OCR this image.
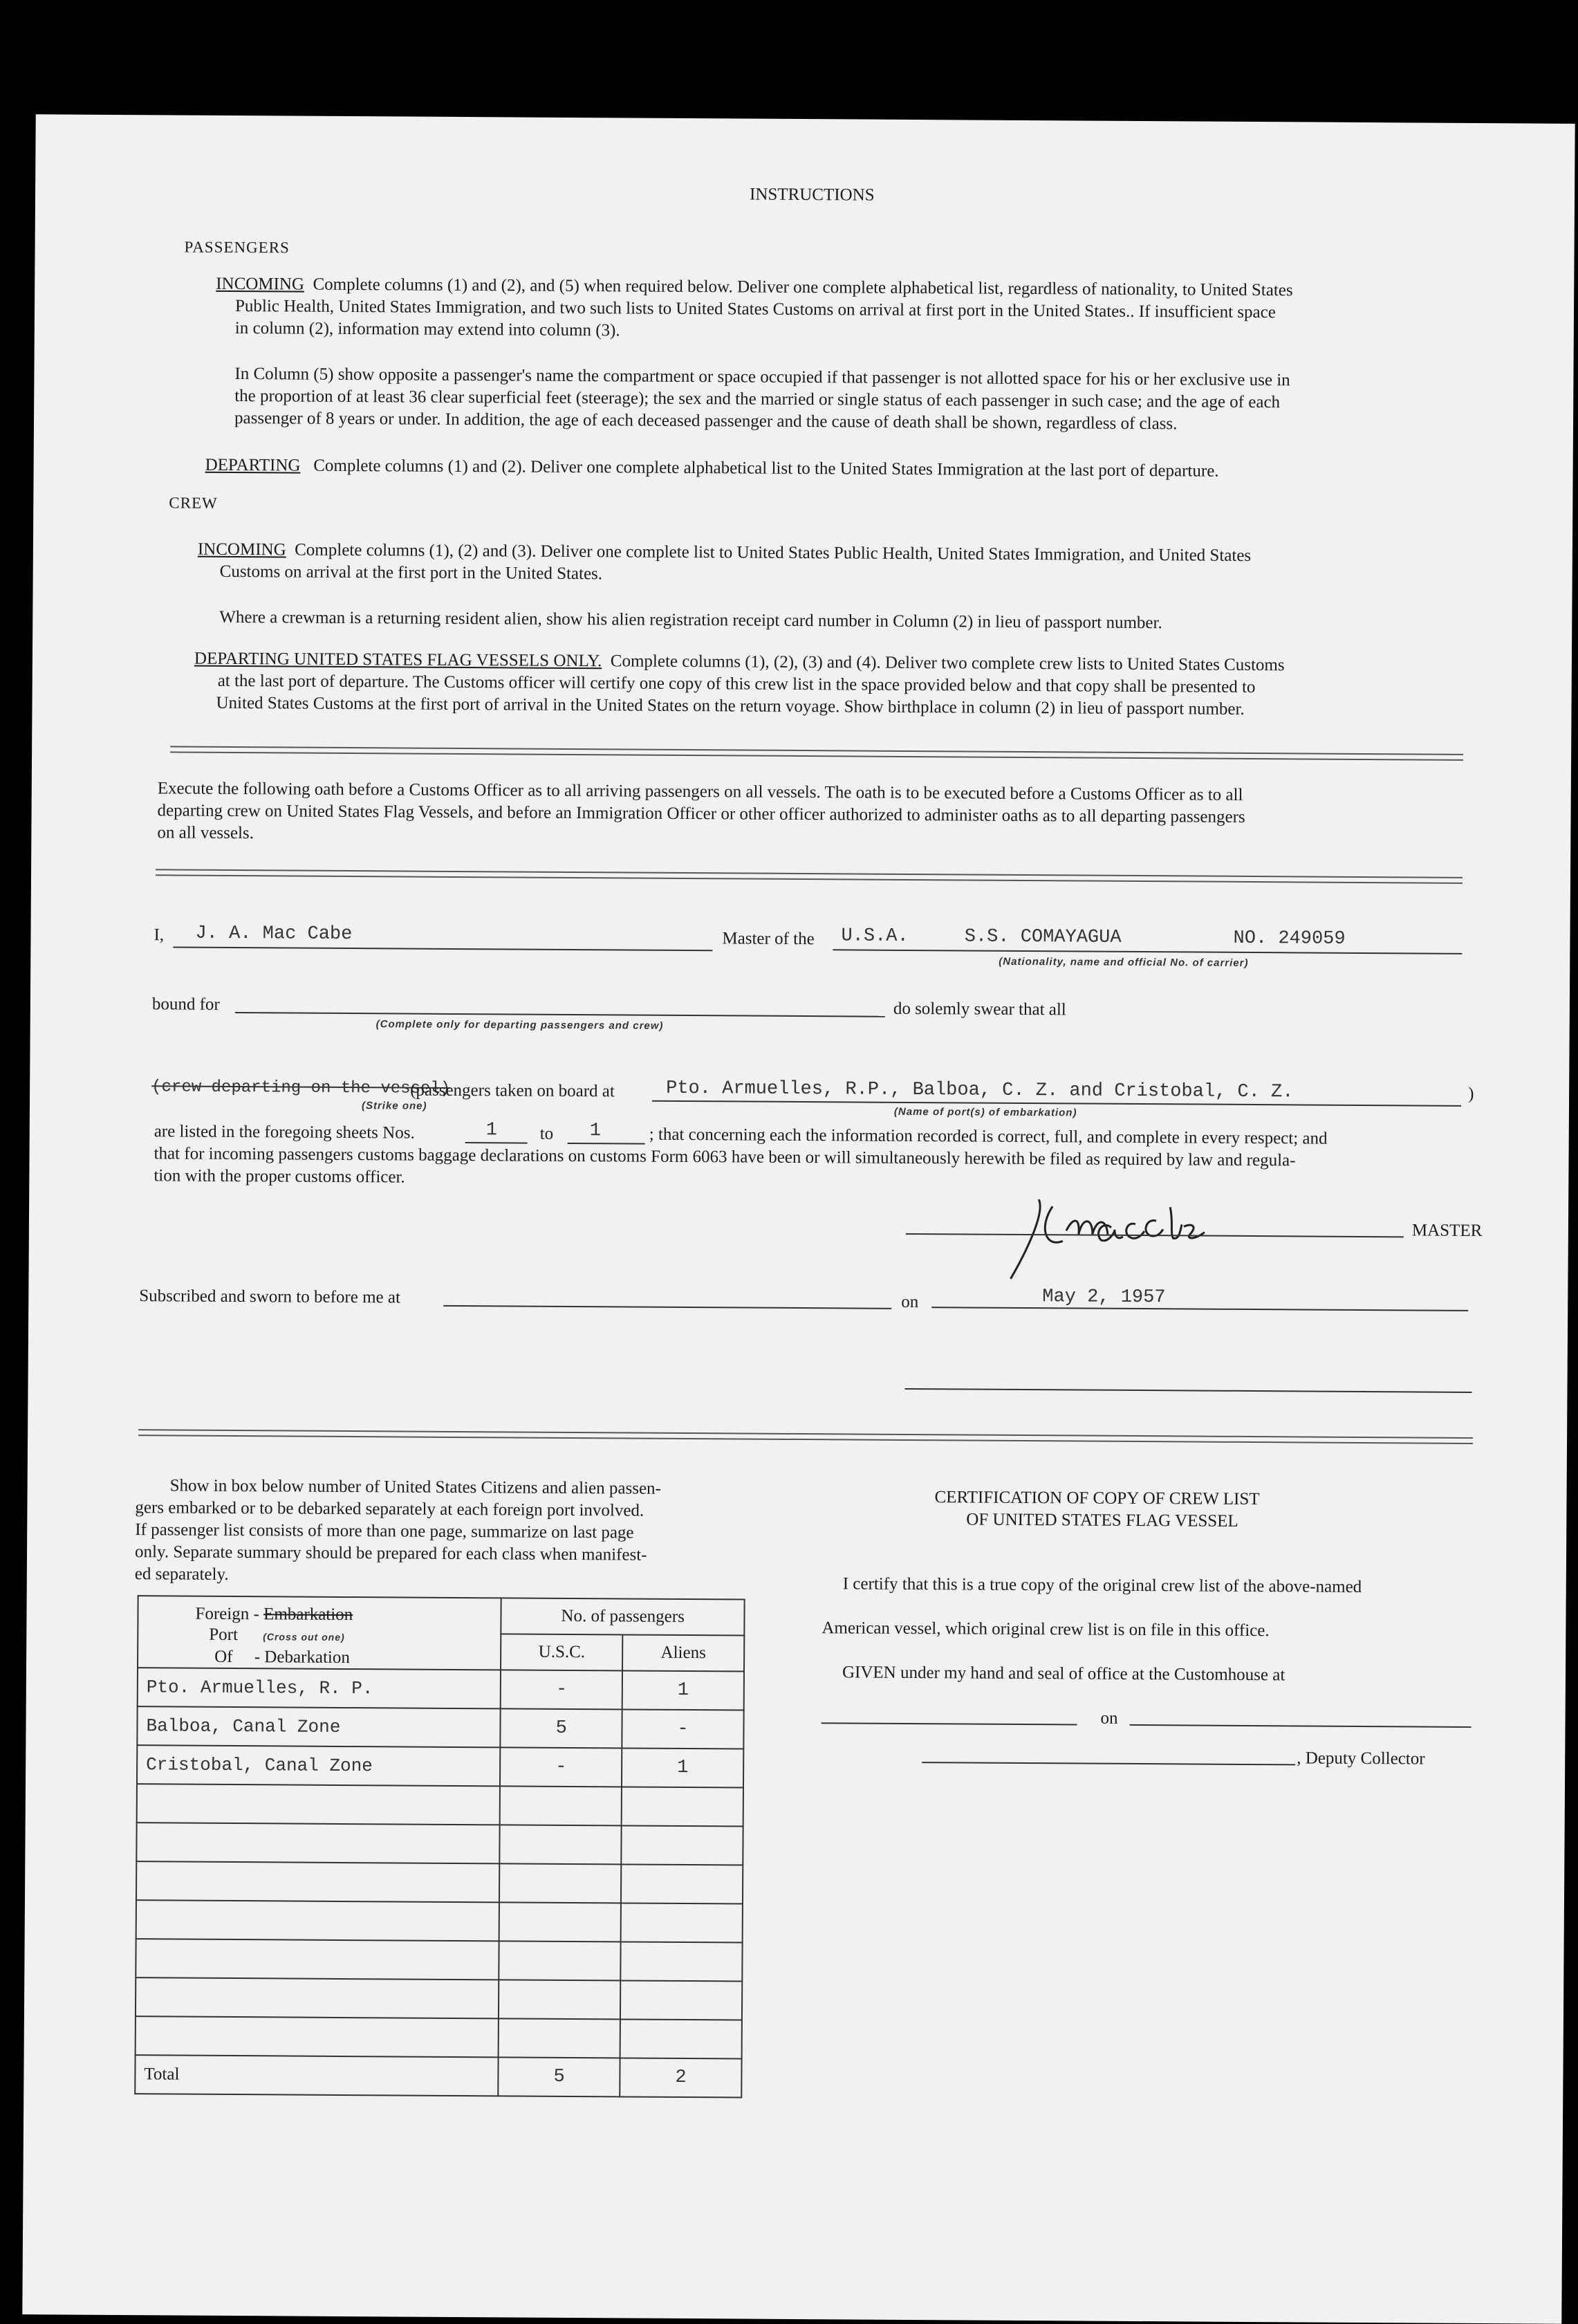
INSTRUCTIONS
PASSENGERS
INCOMING Complete columns (1) and (2), and (5) when required below. Deliver one complete alphabetical list, regardless of nationality, to United States
Public Health, United States Immigration, and two such lists to United States Customs on arrival at first port in the United States.. If insufficient space
in column (2), information may extend into column (3).
In Column (5) show opposite a passenger's name the compartment or space occupied if that passenger is not allotted space for his or her exclusive use in
the proportion of at least 36 clear superficial feet (steerage); the sex and the married or single status of each passenger in such case; and the age of each
passenger of 8 years or under. In addition, the age of each deceased passenger and the cause of death shall be shown, regardless of class.
DEPARTING Complete columns (1) and (2). Deliver one complete alphabetical list to the United States Immigration at the last port of departure.
CREW
INCOMING Complete columns (1), (2) and (3). Deliver one complete list to United States Public Health, United States Immigration, and United States
Customs on arrival at the first port in the United States.
Where a crewman is a returning resident alien, show his alien registration receipt card number in Column (2) in lieu of passport number.
DEPARTING UNITED STATES FLAG VESSELS ONLY. Complete columns (1), (2), (3) and (4). Deliver two complete crew lists to United States Customs
at the last port of departure. The Customs officer will certify one copy of this crew list in the space provided below and that copy shall be presented to
United States Customs at the first port of arrival in the United States on the return voyage. Show birthplace in column (2) in lieu of passport number.
Execute the following oath before a Customs Officer as to all arriving passengers on all vessels. The oath is to be executed before a Customs Officer as to all
departing crew on United States Flag Vessels, and before an Immigration Officer or other officer authorized to administer oaths as to all departing passengers
on all vessels.
I, J. A. Mac Cabe	Master of the U.S.A.     S.S. COMAYAGUA          NO. 249059
(Nationality, name and official No. of carrier)
bound for
(Complete only for departing passengers and crew)
do solemly swear that all
(crew departing on the vessel)
(passengers taken on board at
(Strike one)
Pto. Armuelles, R.P., Balboa, C. Z. and Cristobal, C. Z.
(Name of port(s) of embarkation)
)
are listed in the foregoing sheets Nos.	1 to 1	; that concerning each the information recorded is correct, full, and complete in every respect; and
that for incoming passengers customs baggage declarations on customs Form 6063 have been or will simultaneously herewith be filed as required by law and regula-
tion with the proper customs officer.
MASTER
Subscribed and sworn to before me at	on	May 2, 1957
Show in box below number of United States Citizens and alien passen-
gers embarked or to be debarked separately at each foreign port involved.
If passenger list consists of more than one page, summarize on last page
only. Separate summary should be prepared for each class when manifest-
ed separately.
Foreign - Embarkation
Port (Cross out one)
Of     - Debarkation	No. of passengers	
	U.S.C.	Aliens
Pto. Armuelles, R. P.	-	1
Balboa, Canal Zone	5	-
Cristobal, Canal Zone	-	1

Total	5	2
CERTIFICATION OF COPY OF CREW LIST
OF UNITED STATES FLAG VESSEL
I certify that this is a true copy of the original crew list of the above-named
American vessel, which original crew list is on file in this office.
GIVEN under my hand and seal of office at the Customhouse at
on
, Deputy Collector
